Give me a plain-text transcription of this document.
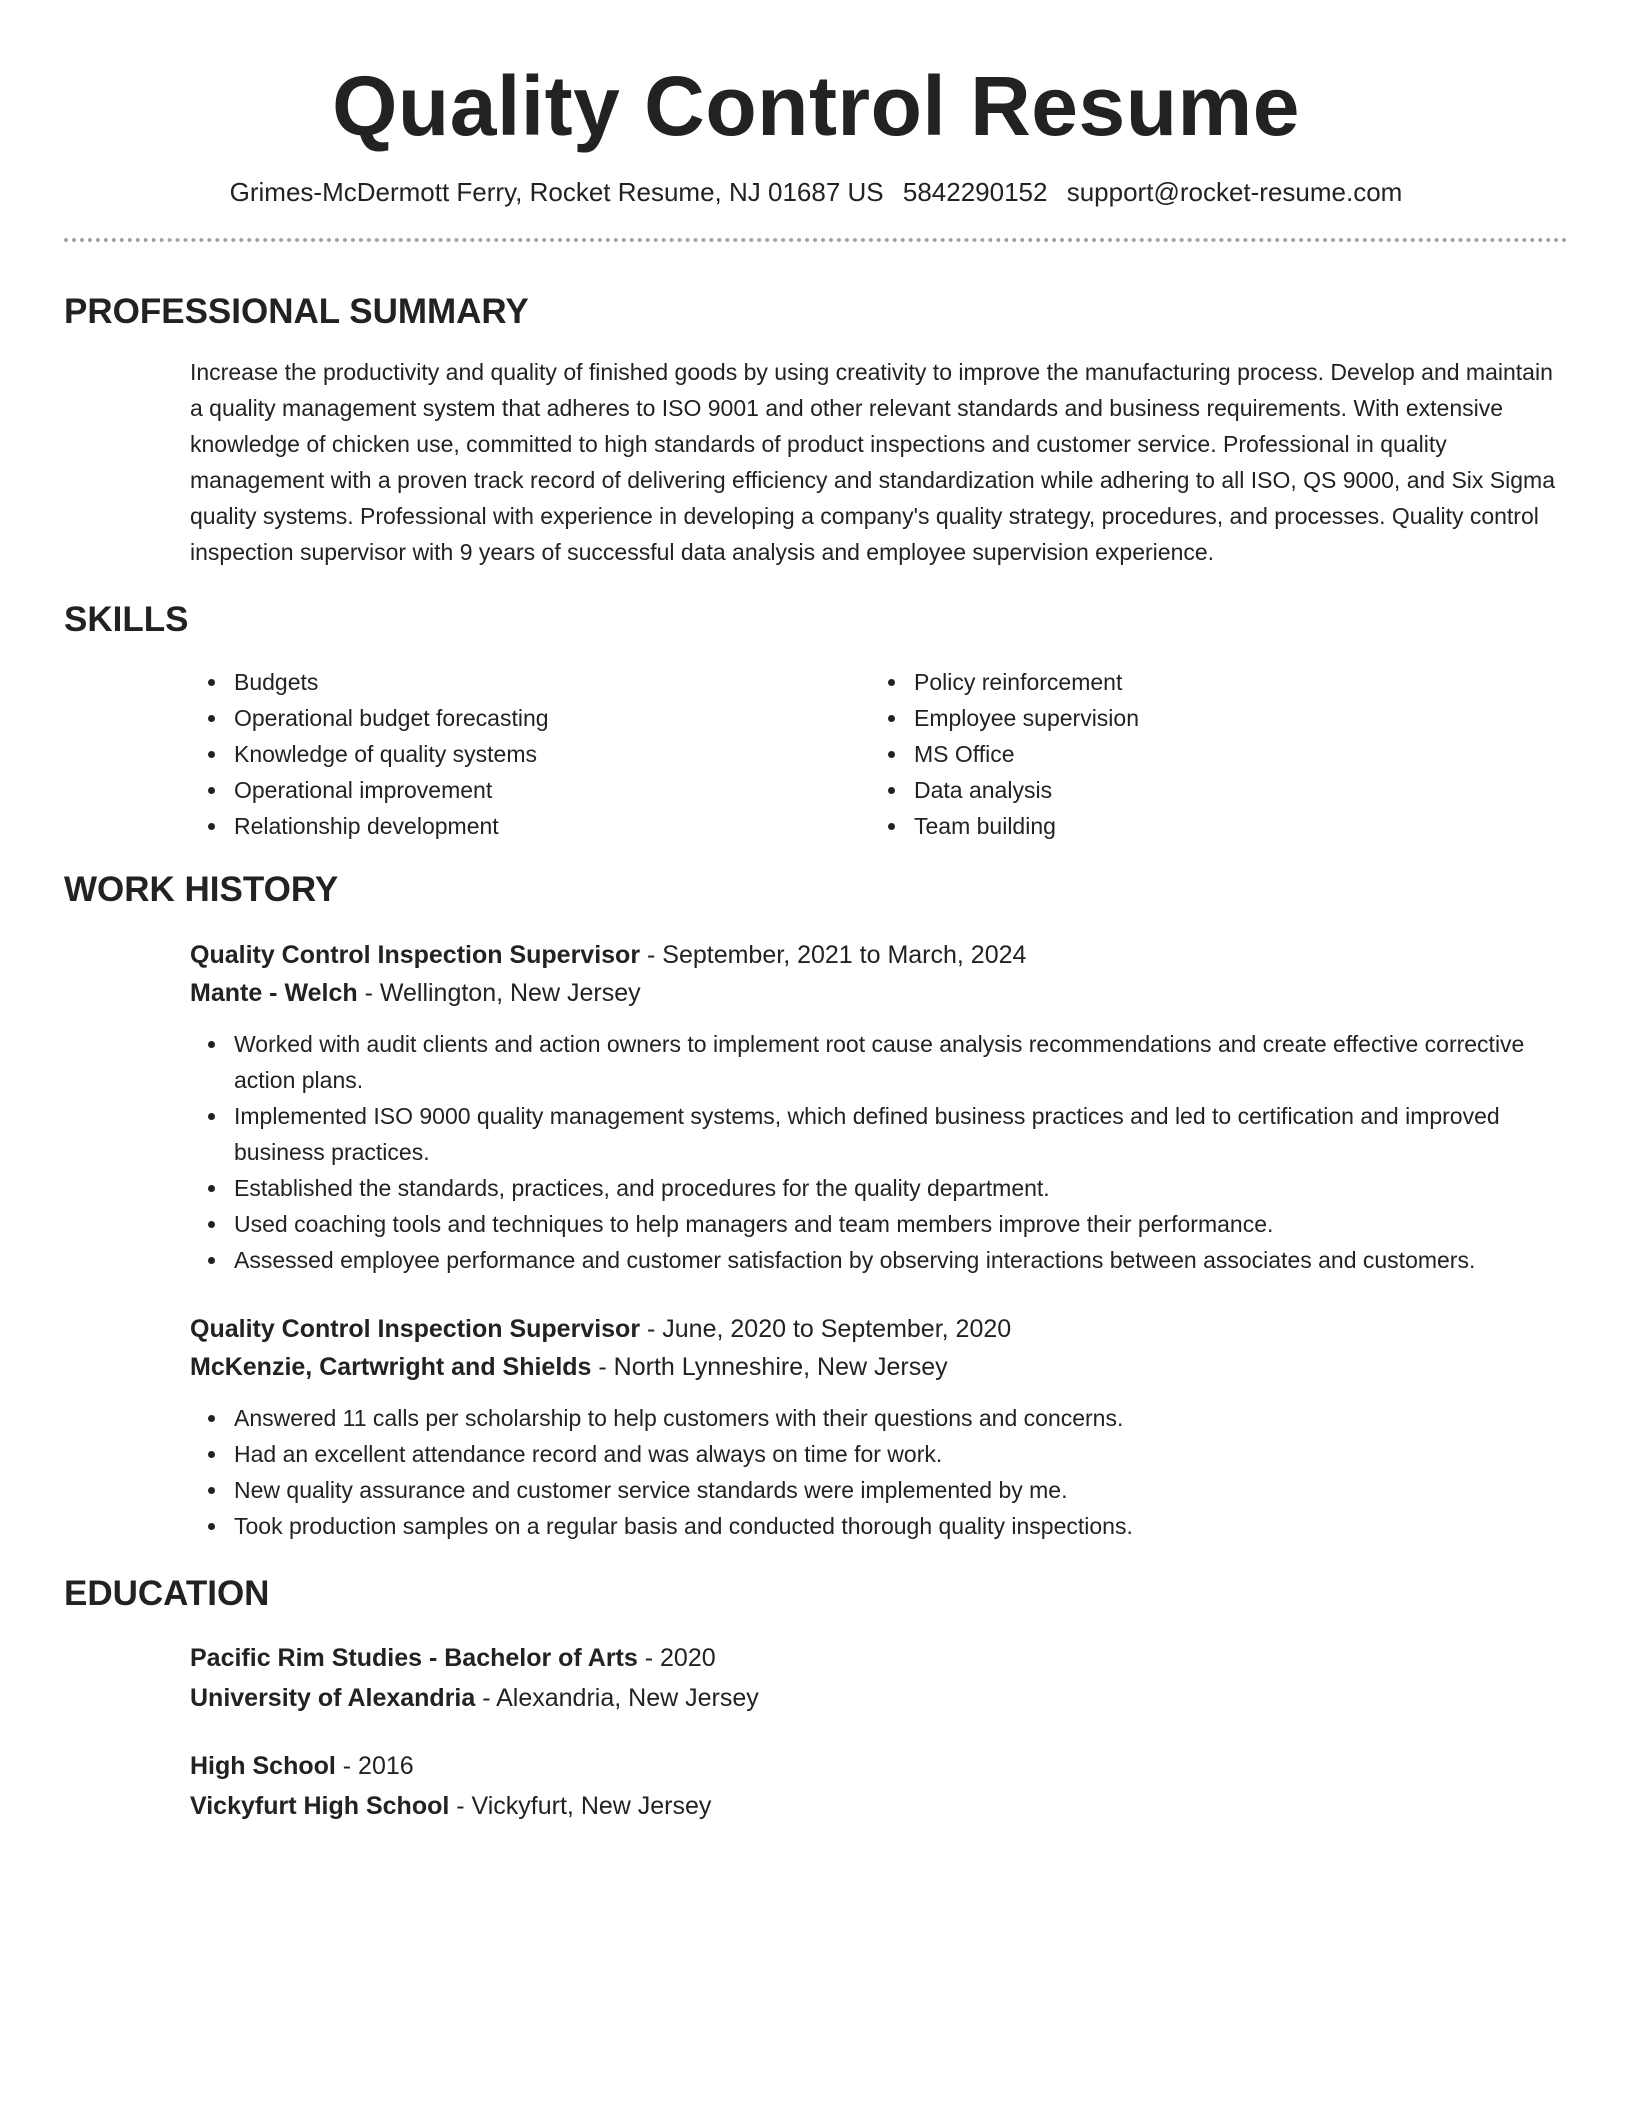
Quality Control Resume
Grimes-McDermott Ferry, Rocket Resume, NJ 01687 US 5842290152 support@rocket-resume.com
PROFESSIONAL SUMMARY

Increase the productivity and quality of finished goods by using creativity to improve the manufacturing process. Develop and maintain a quality management system that adheres to ISO 9001 and other relevant standards and business requirements. With extensive knowledge of chicken use, committed to high standards of product inspections and customer service. Professional in quality management with a proven track record of delivering efficiency and standardization while adhering to all ISO, QS 9000, and Six Sigma quality systems. Professional with experience in developing a company's quality strategy, procedures, and processes. Quality control inspection supervisor with 9 years of successful data analysis and employee supervision experience.

SKILLS
Budgets
Operational budget forecasting
Knowledge of quality systems
Operational improvement
Relationship development
Policy reinforcement
Employee supervision
MS Office
Data analysis
Team building
WORK HISTORY
Quality Control Inspection Supervisor - September, 2021 to March, 2024
Mante - Welch - Wellington, New Jersey
Worked with audit clients and action owners to implement root cause analysis recommendations and create effective corrective action plans.
Implemented ISO 9000 quality management systems, which defined business practices and led to certification and improved business practices.
Established the standards, practices, and procedures for the quality department.
Used coaching tools and techniques to help managers and team members improve their performance.
Assessed employee performance and customer satisfaction by observing interactions between associates and customers.
Quality Control Inspection Supervisor - June, 2020 to September, 2020
McKenzie, Cartwright and Shields - North Lynneshire, New Jersey
Answered 11 calls per scholarship to help customers with their questions and concerns.
Had an excellent attendance record and was always on time for work.
New quality assurance and customer service standards were implemented by me.
Took production samples on a regular basis and conducted thorough quality inspections.
EDUCATION
Pacific Rim Studies - Bachelor of Arts - 2020
University of Alexandria - Alexandria, New Jersey
High School - 2016
Vickyfurt High School - Vickyfurt, New Jersey
